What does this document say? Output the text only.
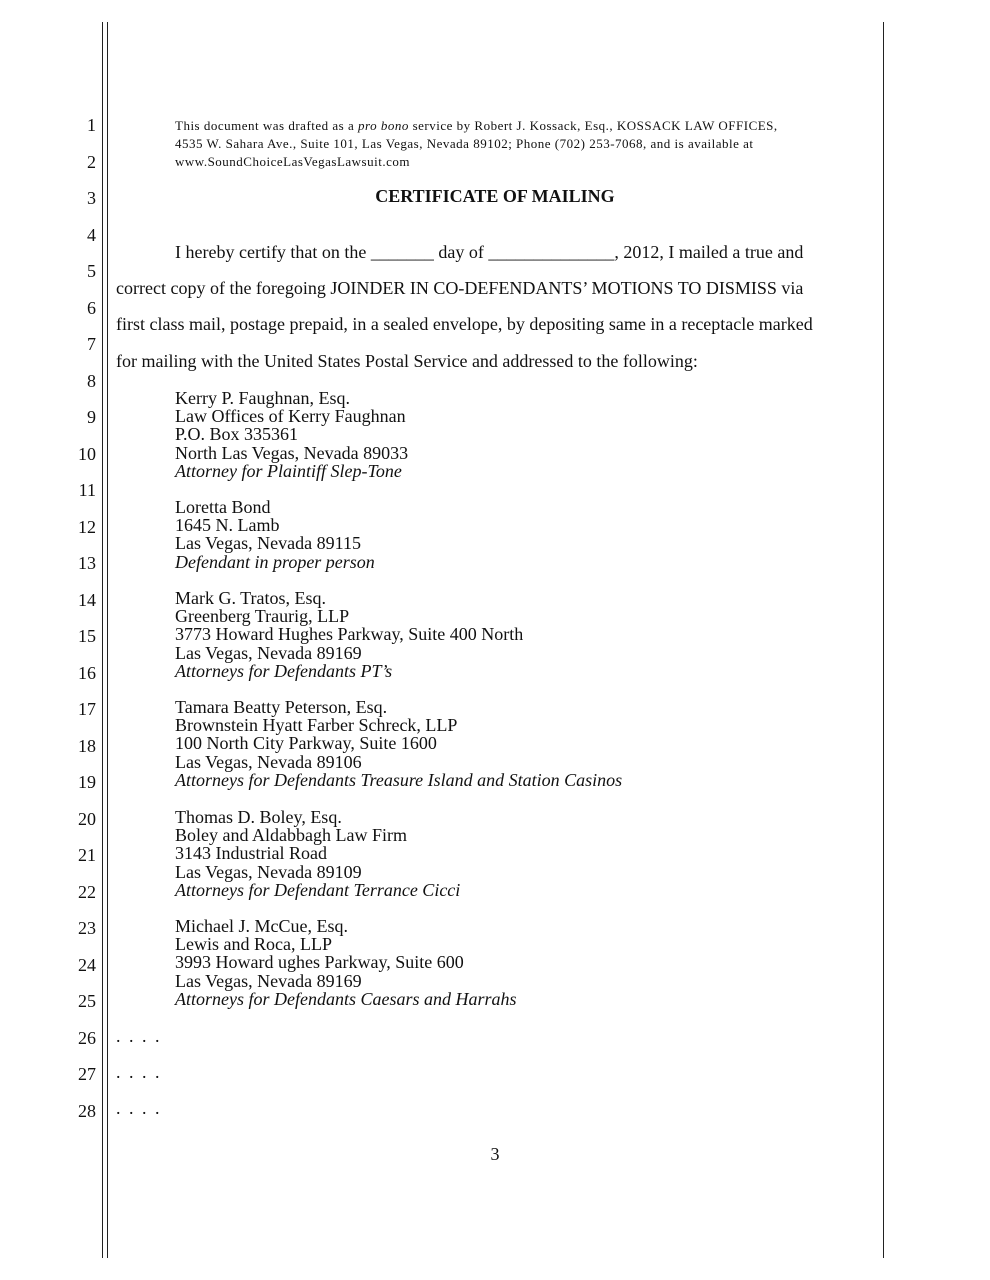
1
2
3
4
5
6
7
8
9
10
11
12
13
14
15
16
17
18
19
20
21
22
23
24
25
26
27
28
This document was drafted as a pro bono service by Robert J. Kossack, Esq., KOSSACK LAW OFFICES,
4535 W. Sahara Ave., Suite 101, Las Vegas, Nevada 89102; Phone (702) 253-7068, and is available at
www.SoundChoiceLasVegasLawsuit.com
CERTIFICATE OF MAILING
I hereby certify that on the _______ day of ______________, 2012, I mailed a true and
correct copy of the foregoing JOINDER IN CO-DEFENDANTS’ MOTIONS TO DISMISS via
first class mail, postage prepaid, in a sealed envelope, by depositing same in a receptacle marked
for mailing with the United States Postal Service and addressed to the following:
Kerry P. Faughnan, Esq.
Law Offices of Kerry Faughnan
P.O. Box 335361
North Las Vegas, Nevada 89033
Attorney for Plaintiff Slep-Tone
Loretta Bond
1645 N. Lamb
Las Vegas, Nevada 89115
Defendant in proper person
Mark G. Tratos, Esq.
Greenberg Traurig, LLP
3773 Howard Hughes Parkway, Suite 400 North
Las Vegas, Nevada 89169
Attorneys for Defendants PT’s
Tamara Beatty Peterson, Esq.
Brownstein Hyatt Farber Schreck, LLP
100 North City Parkway, Suite 1600
Las Vegas, Nevada 89106
Attorneys for Defendants Treasure Island and Station Casinos
Thomas D. Boley, Esq.
Boley and Aldabbagh Law Firm
3143 Industrial Road
Las Vegas, Nevada 89109
Attorneys for Defendant Terrance Cicci
Michael J. McCue, Esq.
Lewis and Roca, LLP
3993 Howard ughes Parkway, Suite 600
Las Vegas, Nevada 89169
Attorneys for Defendants Caesars and Harrahs
. . . .
. . . .
. . . .
3
